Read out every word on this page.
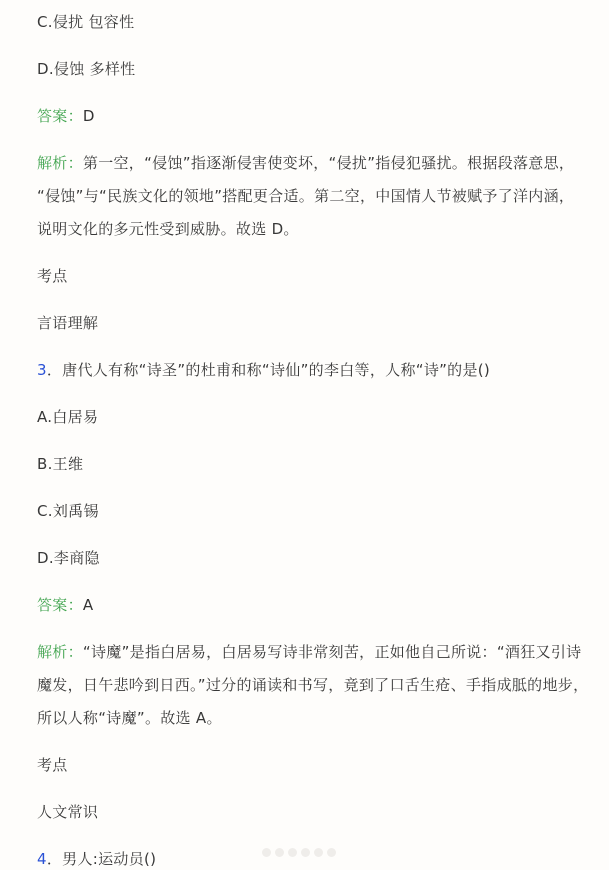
C.侵扰 包容性
D.侵蚀 多样性
答案：D
解析：第一空，“侵蚀”指逐渐侵害使变坏，“侵扰”指侵犯骚扰。根据段落意思，
“侵蚀”与“民族文化的领地”搭配更合适。第二空，中国情人节被赋予了洋内涵，
说明文化的多元性受到威胁。故选 D。
考点
言语理解
3．唐代人有称“诗圣”的杜甫和称“诗仙”的李白等，人称“诗”的是()
A.白居易
B.王维
C.刘禹锡
D.李商隐
答案：A
解析：“诗魔”是指白居易，白居易写诗非常刻苦，正如他自己所说：“酒狂又引诗
魔发，日午悲吟到日西。”过分的诵读和书写，竟到了口舌生疮、手指成胝的地步，
所以人称“诗魔”。故选 A。
考点
人文常识
4．男人:运动员()
